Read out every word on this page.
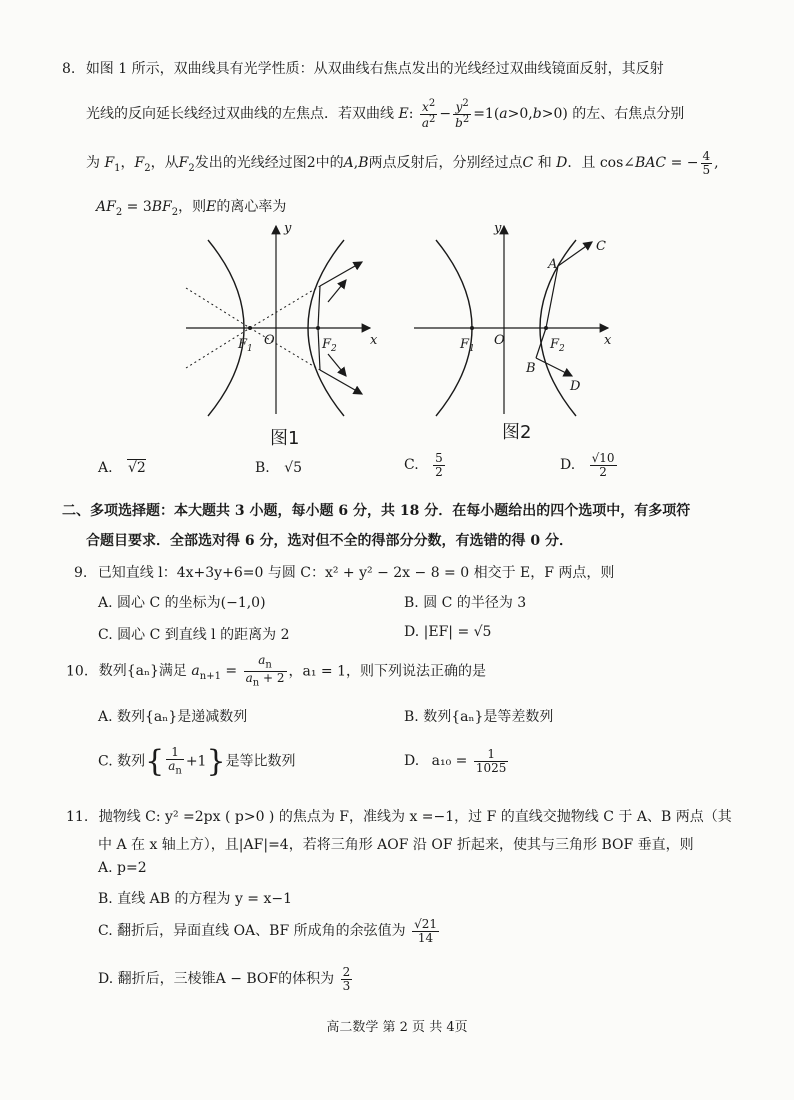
8. 如图 1 所示，双曲线具有光学性质：从双曲线右焦点发出的光线经过双曲线镜面反射，其反射
光线的反向延长线经过双曲线的左焦点．若双曲线 E: $\frac{x^2}{a^2} - \frac{y^2}{b^2} =1(a>0,b>0)$ 的左、右焦点分别
为 $F_1$，$F_2$，从$F_2$发出的光线经过图2中的A,B两点反射后，分别经过点C 和 D．且 cos∠BAC = − $\frac{4}{5}$ ,
$AF_2 = 3BF_2$，则E的离心率为
y
x
O
$F_1$	$F_2$
图1
y
x
O
$F_1$	$F_2$
A
C
B
D
图2
A. √2	B. √5	C. $\frac{5}{2}$	D. $\frac{√10}{2}$
二、多项选择题：本大题共 3 小题，每小题 6 分，共 18 分．在每小题给出的四个选项中，有多项符
合题目要求．全部选对得 6 分，选对但不全的得部分分数，有选错的得 0 分．
9. 已知直线 l：4x+3y+6=0 与圆 C：x² + y² − 2x − 8 = 0 相交于 E，F 两点，则
A. 圆心 C 的坐标为(−1,0)	B. 圆 C 的半径为 3
C. 圆心 C 到直线 l 的距离为 2	D. |EF| = √5
10. 数列{aₙ}满足 $a_{n+1} = \frac{a_n}{a_n + 2}$ ，a₁ = 1，则下列说法正确的是
A. 数列{aₙ}是递减数列	B. 数列{aₙ}是等差数列
C. 数列{ $\frac{1}{a_n} +1$}是等比数列	D. $a_{10} = \frac{1}{1025}$
11. 抛物线 C: y² =2px ( p>0 ) 的焦点为 F，准线为 x =−1，过 F 的直线交抛物线 C 于 A、B 两点（其
中 A 在 x 轴上方），且|AF|=4，若将三角形 AOF 沿 OF 折起来，使其与三角形 BOF 垂直，则
A. p=2
B. 直线 AB 的方程为 y = x−1
C. 翻折后，异面直线 OA、BF 所成角的余弦值为 $\frac{√21}{14}$
D. 翻折后，三棱锥A − BOF的体积为 $\frac{2}{3}$
高二数学 第 2 页 共 4页
